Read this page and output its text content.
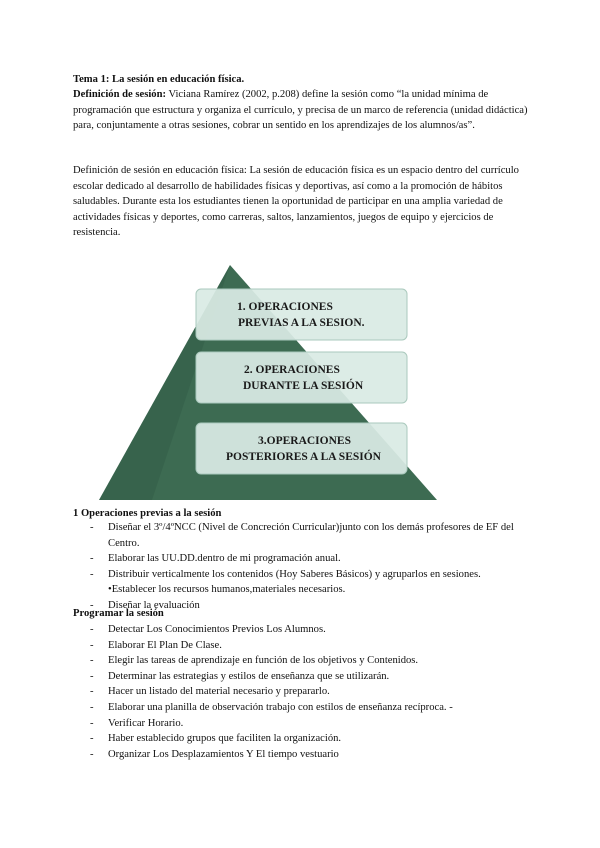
Tema 1: La sesión en educación física.
Definición de sesión: Viciana Ramírez (2002, p.208) define la sesión como “la unidad mínima de programación que estructura y organiza el currículo, y precisa de un marco de referencia (unidad didáctica) para, conjuntamente a otras sesiones, cobrar un sentido en los aprendizajes de los alumnos/as”.
Definición de sesión en educación física: La sesión de educación física es un espacio dentro del currículo escolar dedicado al desarrollo de habilidades físicas y deportivas, así como a la promoción de hábitos saludables. Durante esta los estudiantes tienen la oportunidad de participar en una amplia variedad de actividades físicas y deportes, como carreras, saltos, lanzamientos, juegos de equipo y ejercicios de resistencia.
1. OPERACIONES
PREVIAS A LA SESION.
2. OPERACIONES
DURANTE LA SESIÓN
3.OPERACIONES
POSTERIORES A LA SESIÓN
1 Operaciones previas a la sesión
- Diseñar el 3º/4ºNCC (Nivel de Concreción Curricular)junto con los demás profesores de EF del Centro.
- Elaborar las UU.DD.dentro de mi programación anual.
- Distribuir verticalmente los contenidos (Hoy Saberes Básicos) y agruparlos en sesiones.
•Establecer los recursos humanos,materiales necesarios.
- Diseñar la evaluación
Programar la sesión
- Detectar Los Conocimientos Previos Los Alumnos.
- Elaborar El Plan De Clase.
- Elegir las tareas de aprendizaje en función de los objetivos y Contenidos.
- Determinar las estrategias y estilos de enseñanza que se utilizarán.
- Hacer un listado del material necesario y prepararlo.
- Elaborar una planilla de observación trabajo con estilos de enseñanza recíproca. -
- Verificar Horario.
- Haber establecido grupos que faciliten la organización.
- Organizar Los Desplazamientos Y El tiempo vestuario
